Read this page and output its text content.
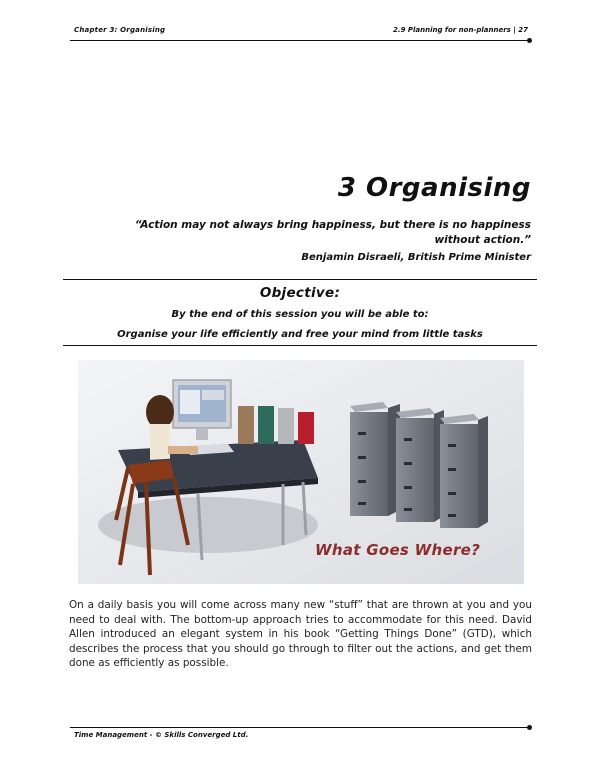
Chapter 3: Organising	2.9 Planning for non-planners | 27
3 Organising
“Action may not always bring happiness, but there is no happiness without action.”
Benjamin Disraeli, British Prime Minister
Objective:
By the end of this session you will be able to:
Organise your life efficiently and free your mind from little tasks
What Goes Where?
On a daily basis you will come across many new “stuff” that are thrown at you and you need to deal with. The bottom-up approach tries to accommodate for this need. David Allen introduced an elegant system in his book “Getting Things Done” (GTD), which describes the process that you should go through to filter out the actions, and get them done as efficiently as possible.
Time Management - © Skills Converged Ltd.
